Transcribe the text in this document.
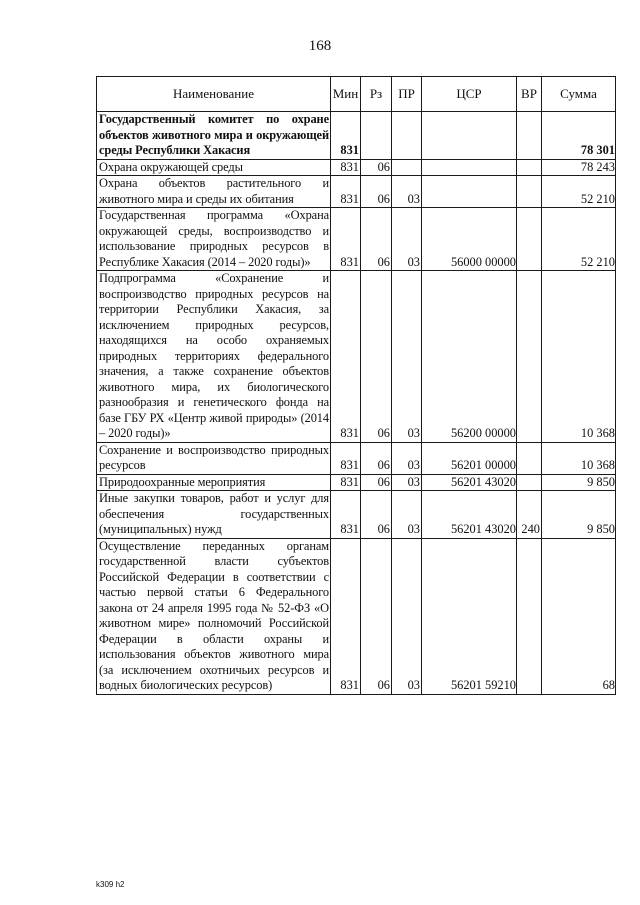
168
Наименование	Мин	Рз	ПР	ЦСР	ВР	Сумма
Государственный комитет по охране объектов животного мира и окружающей среды Республики Хакасия	831					78 301
Охрана окружающей среды	831	06				78 243
Охрана объектов растительного и животного мира и среды их обитания	831	06	03			52 210
Государственная программа «Охрана окружающей среды, воспроизводство и использование природных ресурсов в Республике Хакасия (2014 – 2020 годы)»	831	06	03	56000 00000		52 210
Подпрограмма «Сохранение и воспроизводство природных ресурсов на территории Республики Хакасия, за исключением природных ресурсов, находящихся на особо охраняемых природных территориях федерального значения, а также сохранение объектов животного мира, их биологического разнообразия и генетического фонда на базе ГБУ РХ «Центр живой природы» (2014 – 2020 годы)»	831	06	03	56200 00000		10 368
Сохранение и воспроизводство природных ресурсов	831	06	03	56201 00000		10 368
Природоохранные мероприятия	831	06	03	56201 43020		9 850
Иные закупки товаров, работ и услуг для обеспечения государственных (муниципальных) нужд	831	06	03	56201 43020	240	9 850
Осуществление переданных органам государственной власти субъектов Российской Федерации в соответствии с частью первой статьи 6 Федерального закона от 24 апреля 1995 года № 52-ФЗ «О животном мире» полномочий Российской Федерации в области охраны и использования объектов животного мира (за исключением охотничьих ресурсов и водных биологических ресурсов)	831	06	03	56201 59210		68
k309 h2
